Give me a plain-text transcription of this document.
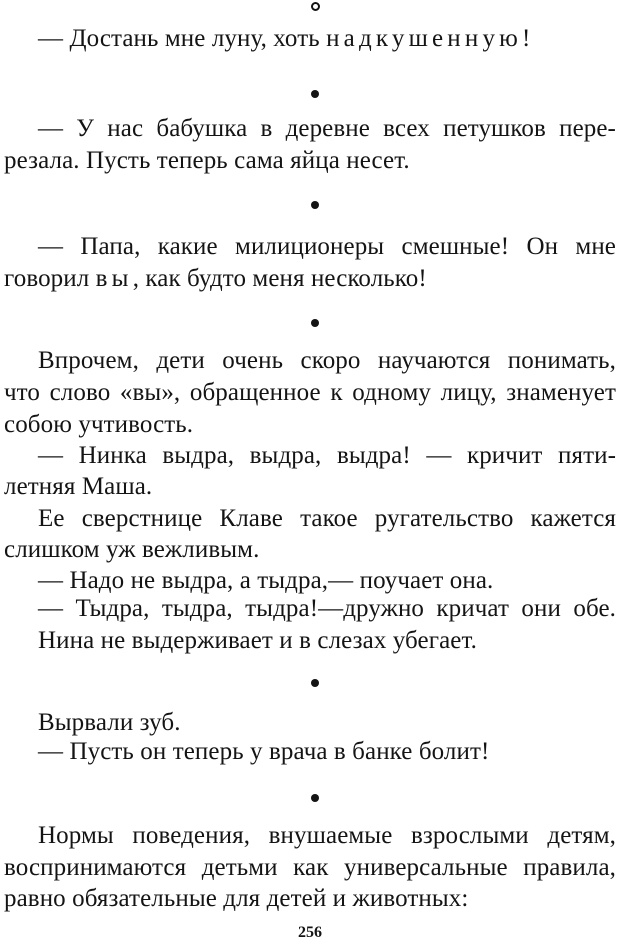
— Достань мне луну, хоть надкушенную!
— У нас бабушка в деревне всех петушков пере-
резала. Пусть теперь сама яйца несет.
— Папа, какие милиционеры смешные! Он мне
говорил вы, как будто меня несколько!
Впрочем, дети очень скоро научаются понимать,
что слово «вы», обращенное к одному лицу, знаменует
собою учтивость.
— Нинка выдра, выдра, выдра! — кричит пяти-
летняя Маша.
Ее сверстнице Клаве такое ругательство кажется
слишком уж вежливым.
— Надо не выдра, а тыдра,— поучает она.
— Тыдра, тыдра, тыдра!—дружно кричат они обе.
Нина не выдерживает и в слезах убегает.
Вырвали зуб.
— Пусть он теперь у врача в банке болит!
Нормы поведения, внушаемые взрослыми детям,
воспринимаются детьми как универсальные правила,
равно обязательные для детей и животных:
256
